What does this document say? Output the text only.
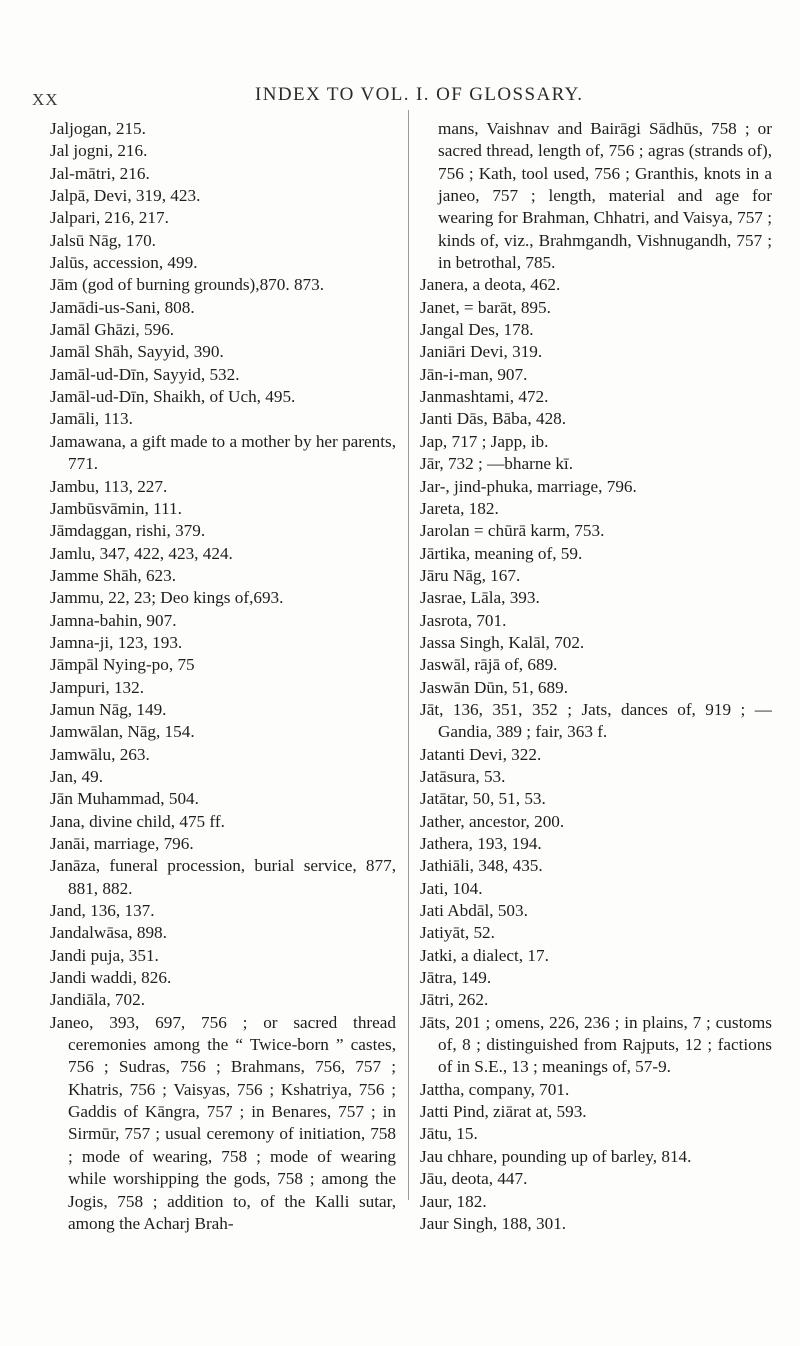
XX	INDEX TO VOL. I. OF GLOSSARY.

Jaljogan, 215.

Jal jogni, 216.

Jal-mātri, 216.

Jalpā, Devi, 319, 423.

Jalpari, 216, 217.

Jalsū Nāg, 170.

Jalūs, accession, 499.

Jām (god of burning grounds),870. 873.

Jamādi-us-Sani, 808.

Jamāl Ghāzi, 596.

Jamāl Shāh, Sayyid, 390.

Jamāl-ud-Dīn, Sayyid, 532.

Jamāl-ud-Dīn, Shaikh, of Uch, 495.

Jamāli, 113.

Jamawana, a gift made to a mother by her parents, 771.

Jambu, 113, 227.

Jambūsvāmin, 111.

Jāmdaggan, rishi, 379.

Jamlu, 347, 422, 423, 424.

Jamme Shāh, 623.

Jammu, 22, 23; Deo kings of,693.

Jamna-bahin, 907.

Jamna-ji, 123, 193.

Jāmpāl Nying-po, 75

Jampuri, 132.

Jamun Nāg, 149.

Jamwālan, Nāg, 154.

Jamwālu, 263.

Jan, 49.

Jān Muhammad, 504.

Jana, divine child, 475 ff.

Janāi, marriage, 796.

Janāza, funeral procession, burial service, 877, 881, 882.

Jand, 136, 137.

Jandalwāsa, 898.

Jandi puja, 351.

Jandi waddi, 826.

Jandiāla, 702.

Janeo, 393, 697, 756 ; or sacred thread ceremonies among the “ Twice-born ” castes, 756 ; Sudras, 756 ; Brahmans, 756, 757 ; Khatris, 756 ; Vaisyas, 756 ; Kshatriya, 756 ; Gaddis of Kāngra, 757 ; in Benares, 757 ; in Sirmūr, 757 ; usual ceremony of initiation, 758 ; mode of wearing, 758 ; mode of wearing while worshipping the gods, 758 ; among the Jogis, 758 ; addition to, of the Kalli sutar, among the Acharj Brah-

mans, Vaishnav and Bairāgi Sādhūs, 758 ; or sacred thread, length of, 756 ; agras (strands of), 756 ; Kath, tool used, 756 ; Granthis, knots in a janeo, 757 ; length, material and age for wearing for Brahman, Chhatri, and Vaisya, 757 ; kinds of, viz., Brahmgandh, Vishnugandh, 757 ; in betrothal, 785.

Janera, a deota, 462.

Janet, = barāt, 895.

Jangal Des, 178.

Janiāri Devi, 319.

Jān-i-man, 907.

Janmashtami, 472.

Janti Dās, Bāba, 428.

Jap, 717 ; Japp, ib.

Jār, 732 ; —bharne kī.

Jar-, jind-phuka, marriage, 796.

Jareta, 182.

Jarolan = chūrā karm, 753.

Jārtika, meaning of, 59.

Jāru Nāg, 167.

Jasrae, Lāla, 393.

Jasrota, 701.

Jassa Singh, Kalāl, 702.

Jaswāl, rājā of, 689.

Jaswān Dūn, 51, 689.

Jāt, 136, 351, 352 ; Jats, dances of, 919 ; —Gandia, 389 ; fair, 363 f.

Jatanti Devi, 322.

Jatāsura, 53.

Jatātar, 50, 51, 53.

Jather, ancestor, 200.

Jathera, 193, 194.

Jathiāli, 348, 435.

Jati, 104.

Jati Abdāl, 503.

Jatiyāt, 52.

Jatki, a dialect, 17.

Jātra, 149.

Jātri, 262.

Jāts, 201 ; omens, 226, 236 ; in plains, 7 ; customs of, 8 ; distinguished from Rajputs, 12 ; factions of in S.E., 13 ; meanings of, 57-9.

Jattha, company, 701.

Jatti Pind, ziārat at, 593.

Jātu, 15.

Jau chhare, pounding up of barley, 814.

Jāu, deota, 447.

Jaur, 182.

Jaur Singh, 188, 301.
